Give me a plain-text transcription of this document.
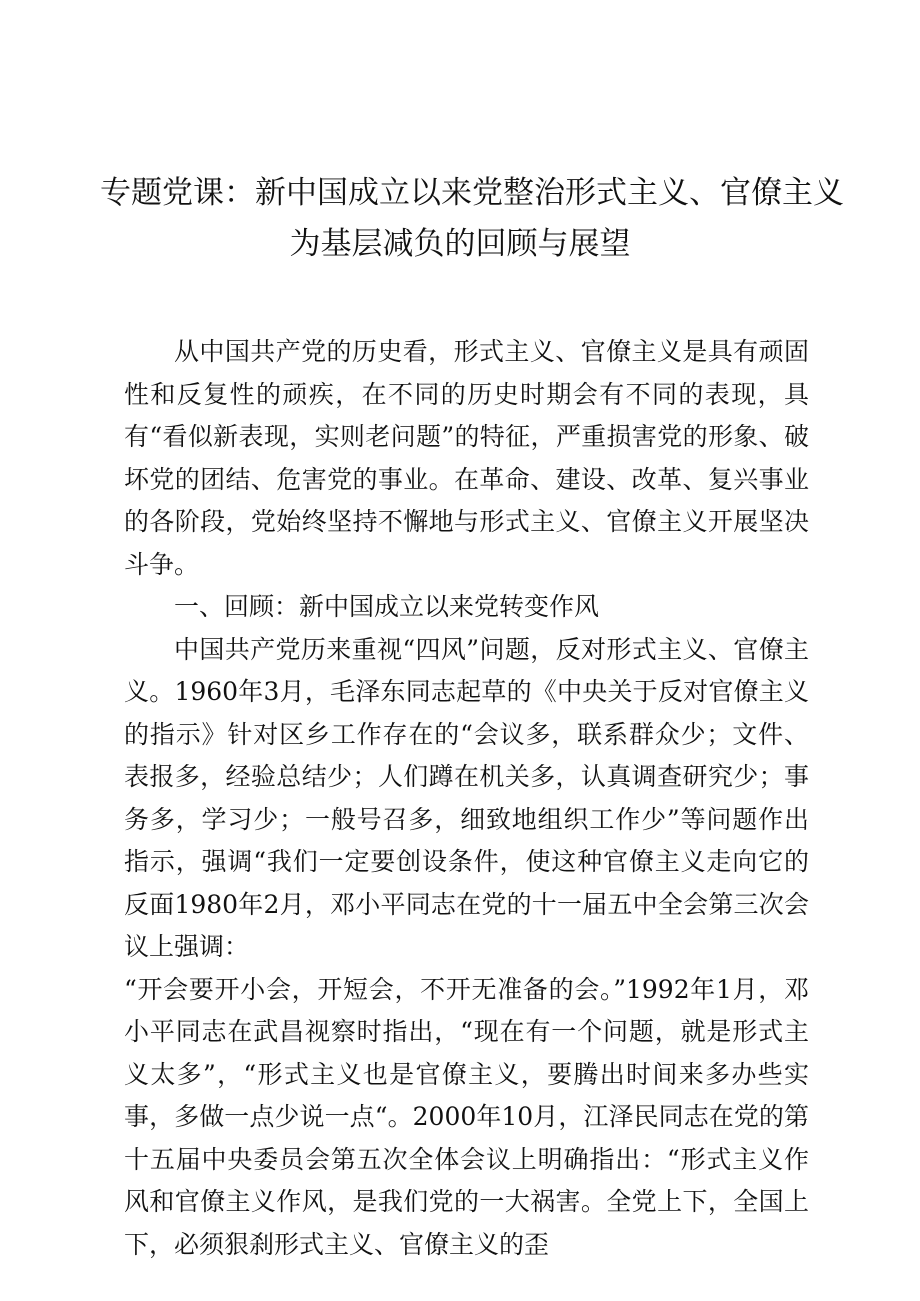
专题党课：新中国成立以来党整治形式主义、官僚主义
为基层减负的回顾与展望

从中国共产党的历史看，形式主义、官僚主义是具有顽固性和反复性的顽疾，在不同的历史时期会有不同的表现，具有“看似新表现，实则老问题”的特征，严重损害党的形象、破坏党的团结、危害党的事业。在革命、建设、改革、复兴事业的各阶段，党始终坚持不懈地与形式主义、官僚主义开展坚决斗争。

一、回顾：新中国成立以来党转变作风

中国共产党历来重视“四风”问题，反对形式主义、官僚主义。1960年3月，毛泽东同志起草的《中央关于反对官僚主义的指示》针对区乡工作存在的“会议多，联系群众少；文件、表报多，经验总结少；人们蹲在机关多，认真调查研究少；事务多，学习少；一般号召多，细致地组织工作少”等问题作出指示，强调“我们一定要创设条件，使这种官僚主义走向它的反面1980年2月，邓小平同志在党的十一届五中全会第三次会议上强调：

“开会要开小会，开短会，不开无准备的会。”1992年1月，邓小平同志在武昌视察时指出，“现在有一个问题，就是形式主义太多”，“形式主义也是官僚主义，要腾出时间来多办些实事，多做一点少说一点“。2000年10月，江泽民同志在党的第十五届中央委员会第五次全体会议上明确指出：“形式主义作风和官僚主义作风，是我们党的一大祸害。全党上下，全国上下，必须狠刹形式主义、官僚主义的歪
